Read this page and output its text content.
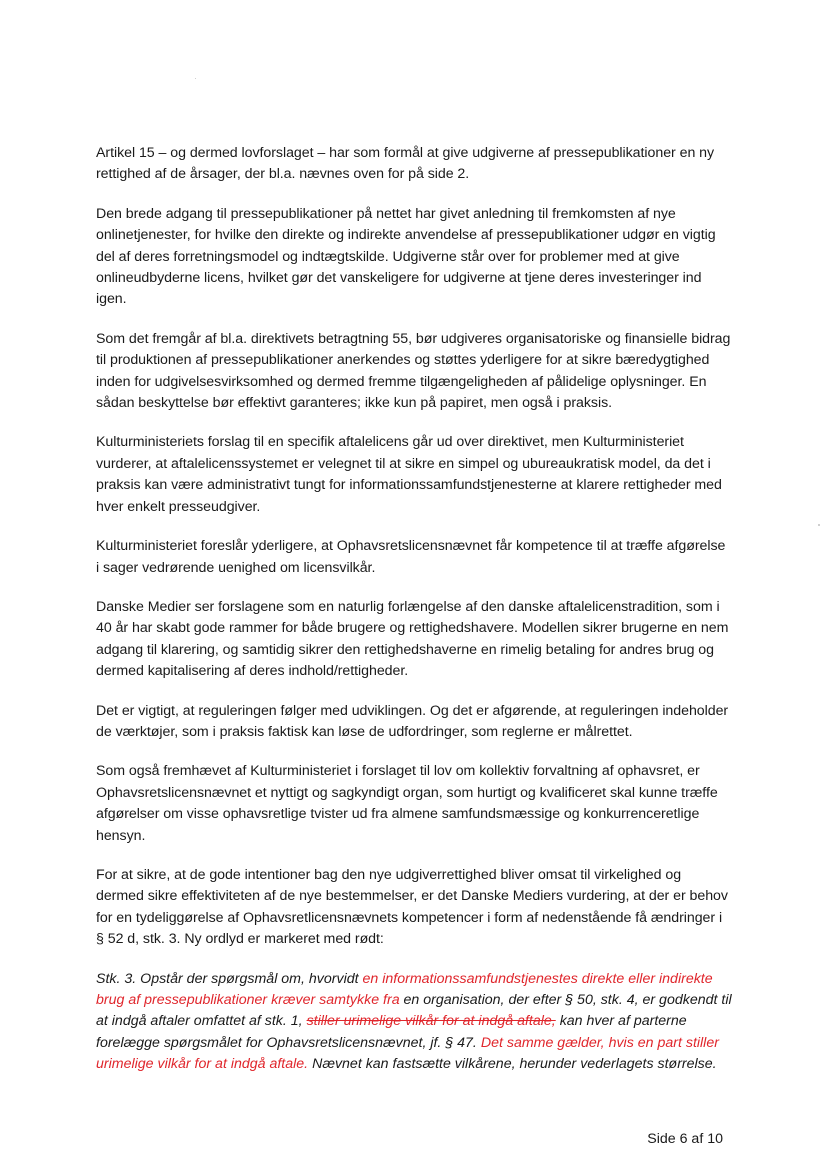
Artikel 15 – og dermed lovforslaget – har som formål at give udgiverne af pressepublikationer en ny rettighed af de årsager, der bl.a. nævnes oven for på side 2.

Den brede adgang til pressepublikationer på nettet har givet anledning til fremkomsten af nye onlinetjenester, for hvilke den direkte og indirekte anvendelse af pressepublikationer udgør en vigtig del af deres forretningsmodel og indtægtskilde. Udgiverne står over for problemer med at give onlineudbyderne licens, hvilket gør det vanskeligere for udgiverne at tjene deres investeringer ind igen.

Som det fremgår af bl.a. direktivets betragtning 55, bør udgiveres organisatoriske og finansielle bidrag til produktionen af pressepublikationer anerkendes og støttes yderligere for at sikre bæredygtighed inden for udgivelsesvirksomhed og dermed fremme tilgængeligheden af pålidelige oplysninger. En sådan beskyttelse bør effektivt garanteres; ikke kun på papiret, men også i praksis.

Kulturministeriets forslag til en specifik aftalelicens går ud over direktivet, men Kulturministeriet vurderer, at aftalelicenssystemet er velegnet til at sikre en simpel og ubureaukratisk model, da det i praksis kan være administrativt tungt for informationssamfundstjenesterne at klarere rettigheder med hver enkelt presseudgiver.

Kulturministeriet foreslår yderligere, at Ophavsretslicensnævnet får kompetence til at træffe afgørelse i sager vedrørende uenighed om licensvilkår.

Danske Medier ser forslagene som en naturlig forlængelse af den danske aftalelicenstradition, som i 40 år har skabt gode rammer for både brugere og rettighedshavere. Modellen sikrer brugerne en nem adgang til klarering, og samtidig sikrer den rettighedshaverne en rimelig betaling for andres brug og dermed kapitalisering af deres indhold/rettigheder.

Det er vigtigt, at reguleringen følger med udviklingen. Og det er afgørende, at reguleringen indeholder de værktøjer, som i praksis faktisk kan løse de udfordringer, som reglerne er målrettet.

Som også fremhævet af Kulturministeriet i forslaget til lov om kollektiv forvaltning af ophavsret, er Ophavsretslicensnævnet et nyttigt og sagkyndigt organ, som hurtigt og kvalificeret skal kunne træffe afgørelser om visse ophavsretlige tvister ud fra almene samfundsmæssige og konkurrenceretlige hensyn.

For at sikre, at de gode intentioner bag den nye udgiverrettighed bliver omsat til virkelighed og dermed sikre effektiviteten af de nye bestemmelser, er det Danske Mediers vurdering, at der er behov for en tydeliggørelse af Ophavsretlicensnævnets kompetencer i form af nedenstående få ændringer i § 52 d, stk. 3. Ny ordlyd er markeret med rødt:

Stk. 3. Opstår der spørgsmål om, hvorvidt en informationssamfundstjenestes direkte eller indirekte brug af pressepublikationer kræver samtykke fra en organisation, der efter § 50, stk. 4, er godkendt til at indgå aftaler omfattet af stk. 1, stiller urimelige vilkår for at indgå aftale, kan hver af parterne forelægge spørgsmålet for Ophavsretslicensnævnet, jf. § 47. Det samme gælder, hvis en part stiller urimelige vilkår for at indgå aftale. Nævnet kan fastsætte vilkårene, herunder vederlagets størrelse.

Side 6 af 10
